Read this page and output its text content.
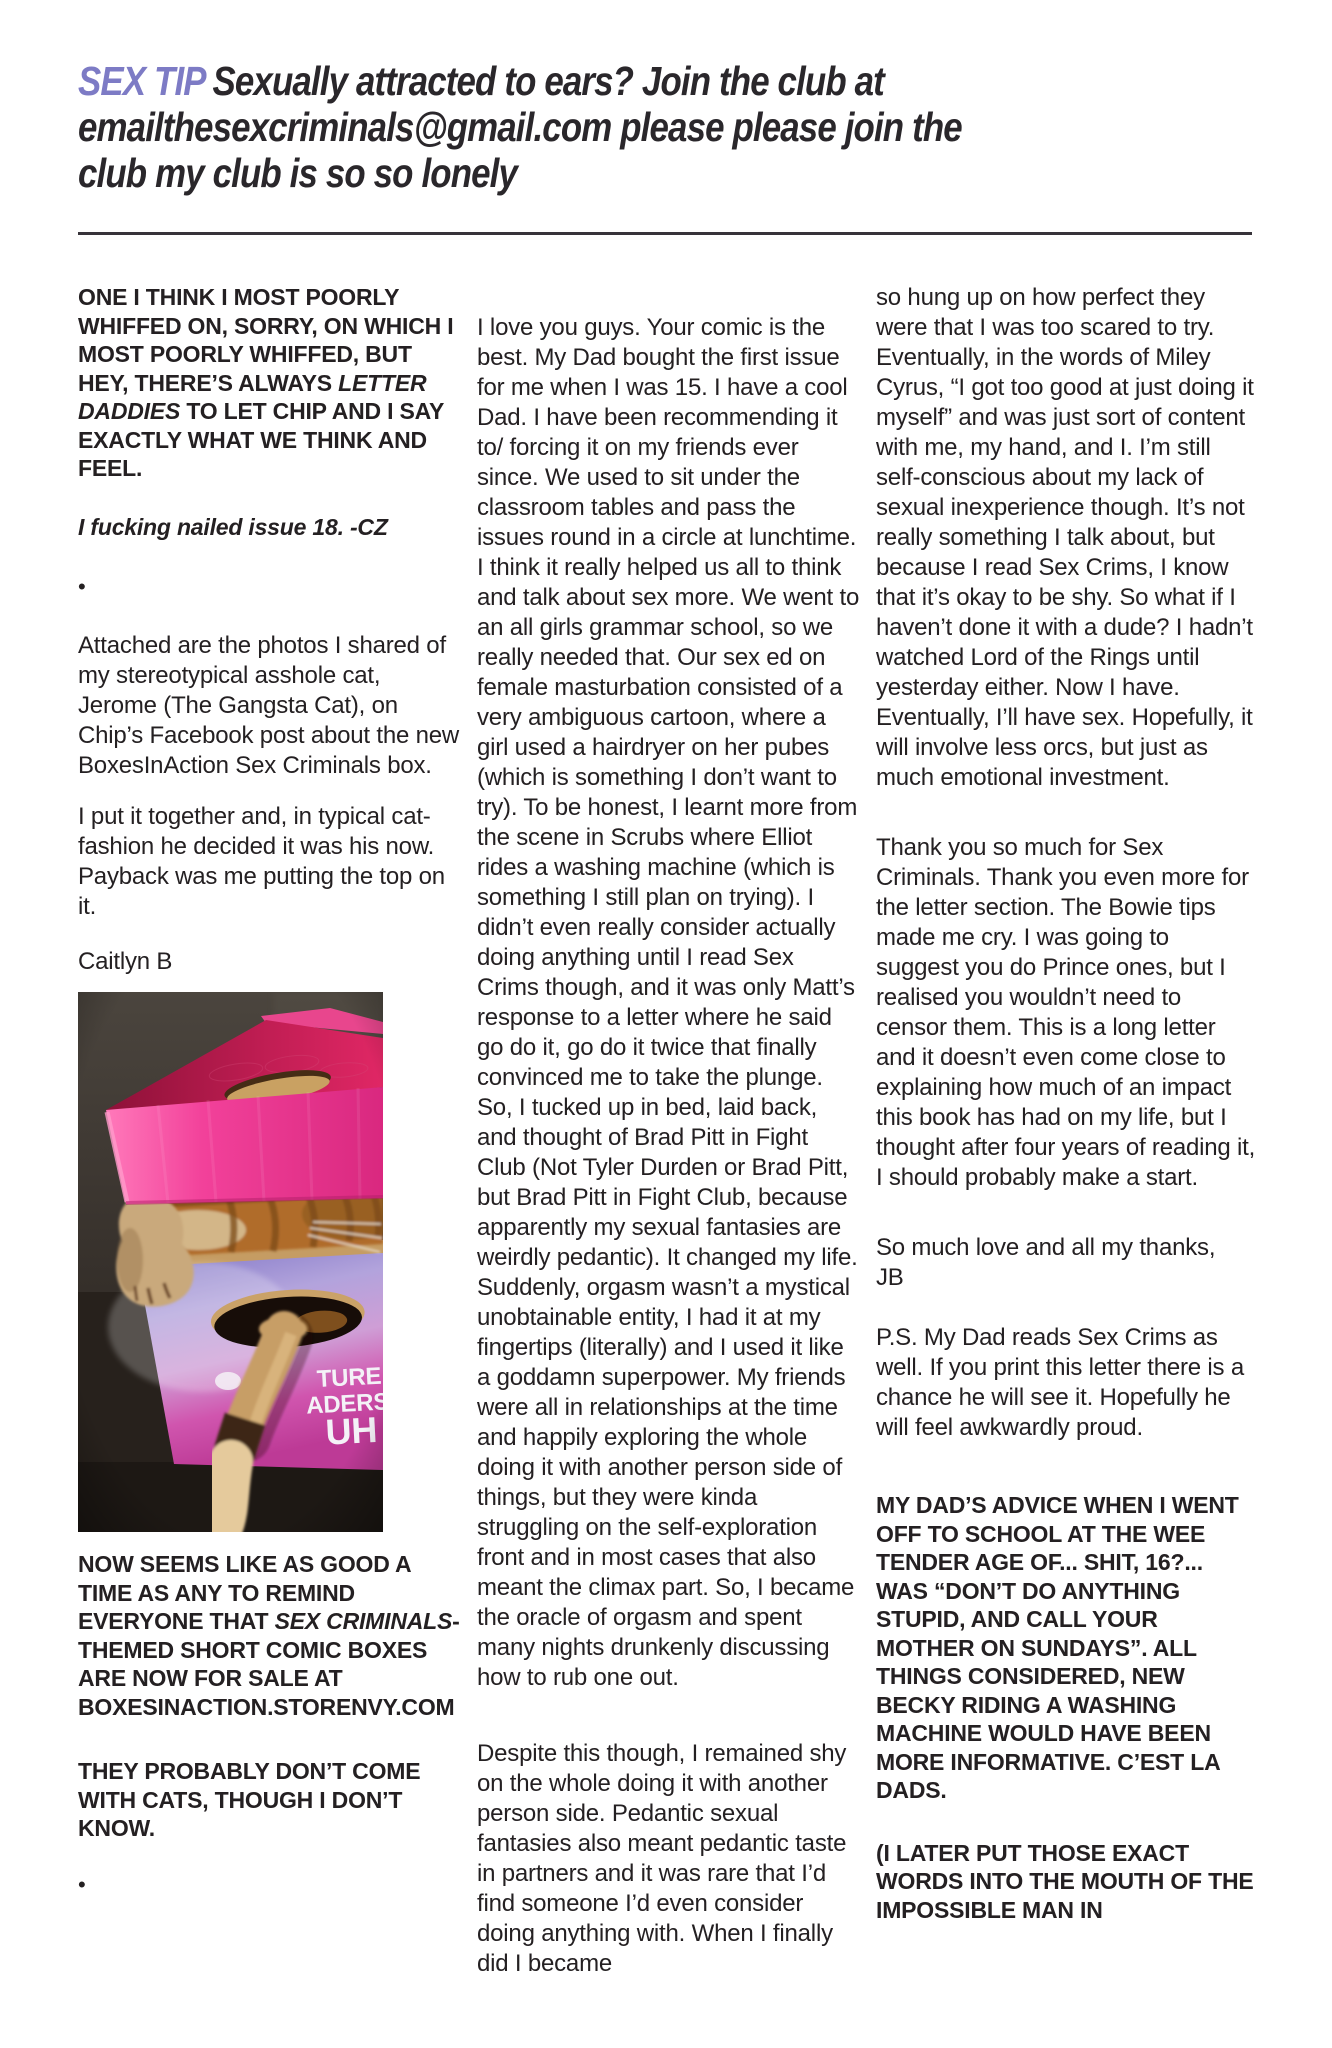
SEX TIP Sexually attracted to ears? Join the club at
emailthesexcriminals@gmail.com please please join the
club my club is so so lonely

ONE I THINK I MOST POORLY WHIFFED ON, SORRY, ON WHICH I MOST POORLY WHIFFED, BUT HEY, THERE’S ALWAYS LETTER DADDIES TO LET CHIP AND I SAY EXACTLY WHAT WE THINK AND FEEL.

I fucking nailed issue 18. -CZ

•

Attached are the photos I shared of my stereotypical asshole cat, Jerome (The Gangsta Cat), on Chip’s Facebook post about the new BoxesInAction Sex Criminals box.

I put it together and, in typical cat-fashion he decided it was his now. Payback was me putting the top on it.

Caitlyn B

NOW SEEMS LIKE AS GOOD A TIME AS ANY TO REMIND EVERYONE THAT SEX CRIMINALS-THEMED SHORT COMIC BOXES ARE NOW FOR SALE AT BOXESINACTION.STORENVY.COM

THEY PROBABLY DON’T COME WITH CATS, THOUGH I DON’T KNOW.

•

I love you guys. Your comic is the best. My Dad bought the first issue for me when I was 15. I have a cool Dad. I have been recommending it to/ forcing it on my friends ever since. We used to sit under the classroom tables and pass the issues round in a circle at lunchtime. I think it really helped us all to think and talk about sex more. We went to an all girls grammar school, so we really needed that. Our sex ed on female masturbation consisted of a very ambiguous cartoon, where a girl used a hairdryer on her pubes (which is something I don’t want to try). To be honest, I learnt more from the scene in Scrubs where Elliot rides a washing machine (which is something I still plan on trying). I didn’t even really consider actually doing anything until I read Sex Crims though, and it was only Matt’s response to a letter where he said go do it, go do it twice that finally convinced me to take the plunge. So, I tucked up in bed, laid back, and thought of Brad Pitt in Fight Club (Not Tyler Durden or Brad Pitt, but Brad Pitt in Fight Club, because apparently my sexual fantasies are weirdly pedantic). It changed my life. Suddenly, orgasm wasn’t a mystical unobtainable entity, I had it at my fingertips (literally) and I used it like a goddamn superpower. My friends were all in relationships at the time and happily exploring the whole doing it with another person side of things, but they were kinda struggling on the self-exploration front and in most cases that also meant the climax part. So, I became the oracle of orgasm and spent many nights drunkenly discussing how to rub one out.

Despite this though, I remained shy on the whole doing it with another person side. Pedantic sexual fantasies also meant pedantic taste in partners and it was rare that I’d find someone I’d even consider doing anything with. When I finally did I became

so hung up on how perfect they were that I was too scared to try. Eventually, in the words of Miley Cyrus, “I got too good at just doing it myself” and was just sort of content with me, my hand, and I. I’m still self-conscious about my lack of sexual inexperience though. It’s not really something I talk about, but because I read Sex Crims, I know that it’s okay to be shy. So what if I haven’t done it with a dude? I hadn’t watched Lord of the Rings until yesterday either. Now I have. Eventually, I’ll have sex. Hopefully, it will involve less orcs, but just as much emotional investment.

Thank you so much for Sex Criminals. Thank you even more for the letter section. The Bowie tips made me cry. I was going to suggest you do Prince ones, but I realised you wouldn’t need to censor them. This is a long letter and it doesn’t even come close to explaining how much of an impact this book has had on my life, but I thought after four years of reading it, I should probably make a start.

So much love and all my thanks,
JB

P.S. My Dad reads Sex Crims as well. If you print this letter there is a chance he will see it. Hopefully he will feel awkwardly proud.

MY DAD’S ADVICE WHEN I WENT OFF TO SCHOOL AT THE WEE TENDER AGE OF... SHIT, 16?... WAS “DON’T DO ANYTHING STUPID, AND CALL YOUR MOTHER ON SUNDAYS”. ALL THINGS CONSIDERED, NEW BECKY RIDING A WASHING MACHINE WOULD HAVE BEEN MORE INFORMATIVE. C’EST LA DADS.

(I LATER PUT THOSE EXACT WORDS INTO THE MOUTH OF THE IMPOSSIBLE MAN IN
